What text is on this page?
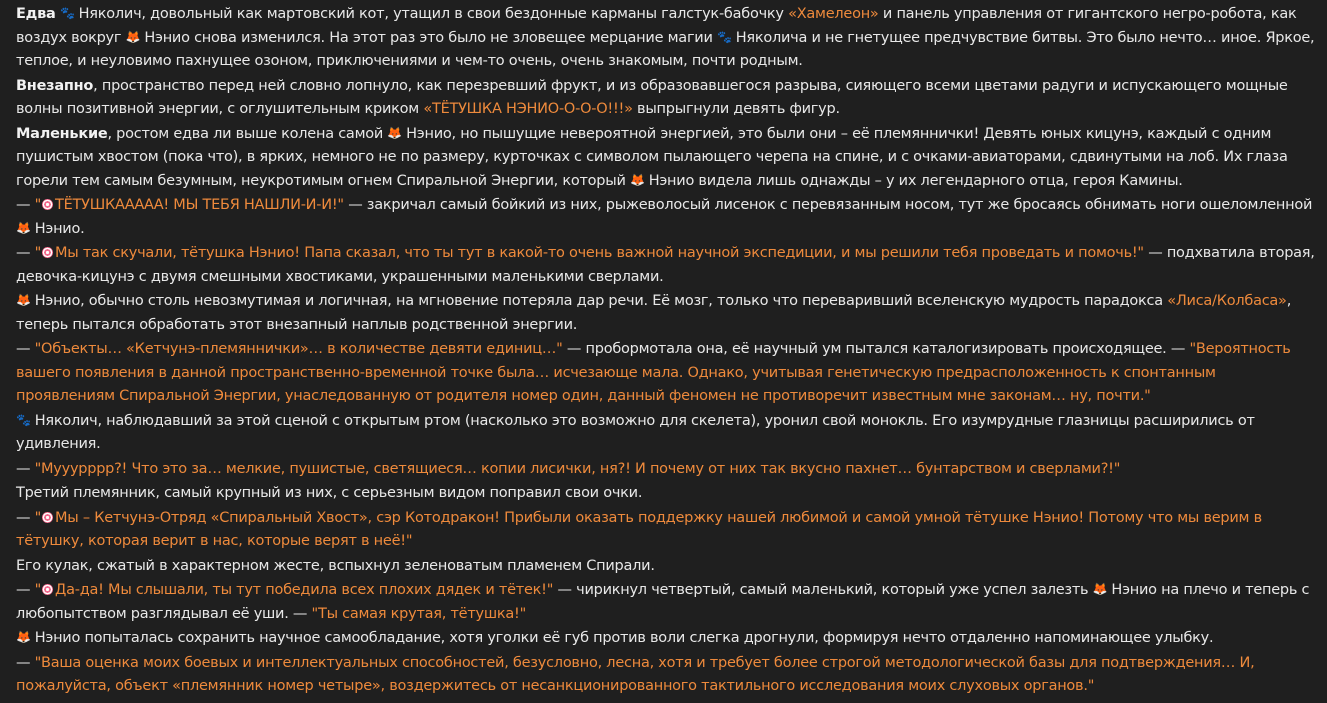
Едва 🐾 Няколич, довольный как мартовский кот, утащил в свои бездонные карманы галстук-бабочку «Хамелеон» и панель управления от гигантского негро-робота, как воздух вокруг 🦊 Нэнио снова изменился. На этот раз это было не зловещее мерцание магии 🐾 Няколича и не гнетущее предчувствие битвы. Это было нечто… иное. Яркое, теплое, и неуловимо пахнущее озоном, приключениями и чем-то очень, очень знакомым, почти родным.
Внезапно, пространство перед ней словно лопнуло, как перезревший фрукт, и из образовавшегося разрыва, сияющего всеми цветами радуги и испускающего мощные волны позитивной энергии, с оглушительным криком «ТЁТУШКА НЭНИО-О-О-О!!!» выпрыгнули девять фигур.
Маленькие, ростом едва ли выше колена самой 🦊 Нэнио, но пышущие невероятной энергией, это были они – её племяннички! Девять юных кицунэ, каждый с одним пушистым хвостом (пока что), в ярких, немного не по размеру, курточках с символом пылающего черепа на спине, и с очками-авиаторами, сдвинутыми на лоб. Их глаза горели тем самым безумным, неукротимым огнем Спиральной Энергии, который 🦊 Нэнио видела лишь однажды – у их легендарного отца, героя Камины.
— " ТЁТУШКААААА! МЫ ТЕБЯ НАШЛИ-И-И!" — закричал самый бойкий из них, рыжеволосый лисенок с перевязанным носом, тут же бросаясь обнимать ноги ошеломленной 🦊 Нэнио.
— " Мы так скучали, тётушка Нэнио! Папа сказал, что ты тут в какой-то очень важной научной экспедиции, и мы решили тебя проведать и помочь!" — подхватила вторая, девочка-кицунэ с двумя смешными хвостиками, украшенными маленькими сверлами.
🦊 Нэнио, обычно столь невозмутимая и логичная, на мгновение потеряла дар речи. Её мозг, только что переваривший вселенскую мудрость парадокса «Лиса/Колбаса», теперь пытался обработать этот внезапный наплыв родственной энергии.
— "Объекты… «Кетчунэ-племяннички»… в количестве девяти единиц…" — пробормотала она, её научный ум пытался каталогизировать происходящее. — "Вероятность вашего появления в данной пространственно-временной точке была… исчезающе мала. Однако, учитывая генетическую предрасположенность к спонтанным проявлениям Спиральной Энергии, унаследованную от родителя номер один, данный феномен не противоречит известным мне законам… ну, почти."
🐾 Няколич, наблюдавший за этой сценой с открытым ртом (насколько это возможно для скелета), уронил свой монокль. Его изумрудные глазницы расширились от удивления.
— "Мууурррр?! Что это за… мелкие, пушистые, светящиеся… копии лисички, ня?! И почему от них так вкусно пахнет… бунтарством и сверлами?!"
Третий племянник, самый крупный из них, с серьезным видом поправил свои очки.
— " Мы – Кетчунэ-Отряд «Спиральный Хвост», сэр Котодракон! Прибыли оказать поддержку нашей любимой и самой умной тётушке Нэнио! Потому что мы верим в тётушку, которая верит в нас, которые верят в неё!"
Его кулак, сжатый в характерном жесте, вспыхнул зеленоватым пламенем Спирали.
— " Да-да! Мы слышали, ты тут победила всех плохих дядек и тётек!" — чирикнул четвертый, самый маленький, который уже успел залезть 🦊 Нэнио на плечо и теперь с любопытством разглядывал её уши. — "Ты самая крутая, тётушка!"
🦊 Нэнио попыталась сохранить научное самообладание, хотя уголки её губ против воли слегка дрогнули, формируя нечто отдаленно напоминающее улыбку.
— "Ваша оценка моих боевых и интеллектуальных способностей, безусловно, лесна, хотя и требует более строгой методологической базы для подтверждения… И, пожалуйста, объект «племянник номер четыре», воздержитесь от несанкционированного тактильного исследования моих слуховых органов."
